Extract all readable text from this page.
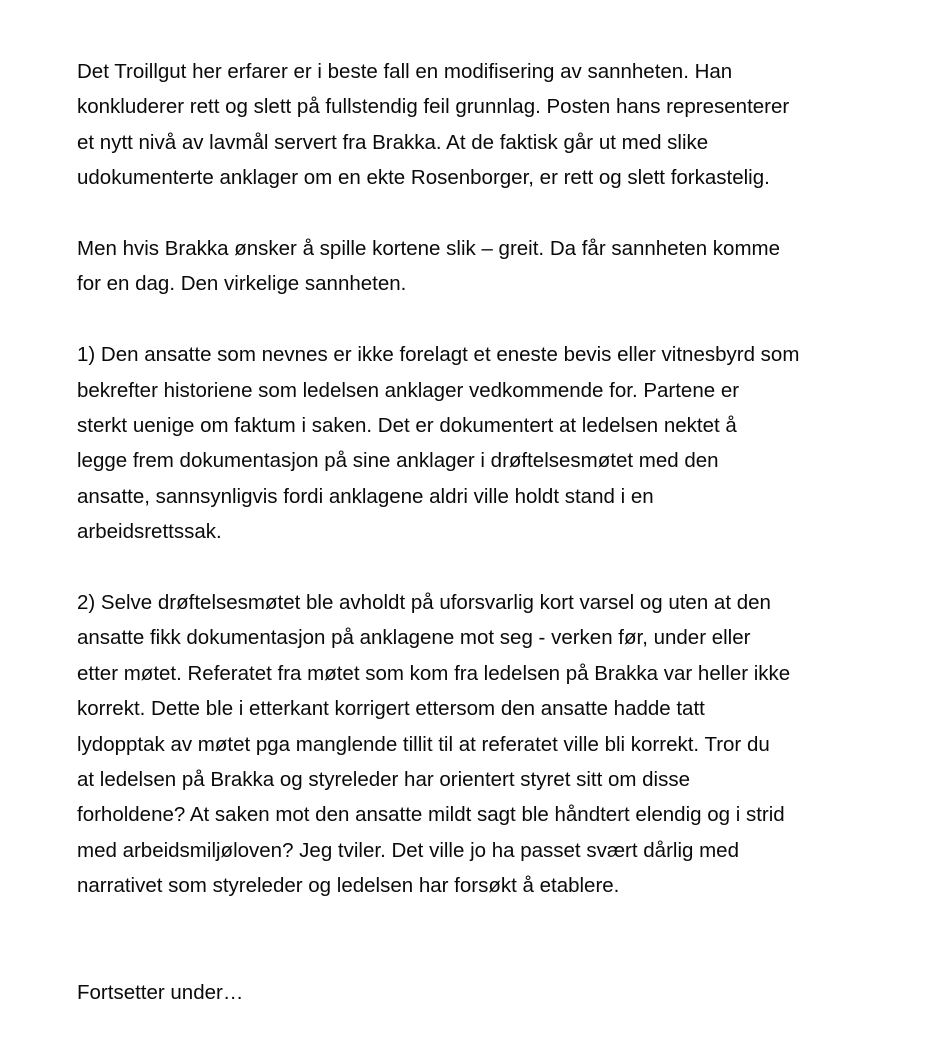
Det Troillgut her erfarer er i beste fall en modifisering av sannheten. Han
konkluderer rett og slett på fullstendig feil grunnlag. Posten hans representerer
et nytt nivå av lavmål servert fra Brakka. At de faktisk går ut med slike
udokumenterte anklager om en ekte Rosenborger, er rett og slett forkastelig.

Men hvis Brakka ønsker å spille kortene slik – greit. Da får sannheten komme
for en dag. Den virkelige sannheten.

1) Den ansatte som nevnes er ikke forelagt et eneste bevis eller vitnesbyrd som
bekrefter historiene som ledelsen anklager vedkommende for. Partene er
sterkt uenige om faktum i saken. Det er dokumentert at ledelsen nektet å
legge frem dokumentasjon på sine anklager i drøftelsesmøtet med den
ansatte, sannsynligvis fordi anklagene aldri ville holdt stand i en
arbeidsrettssak.

2) Selve drøftelsesmøtet ble avholdt på uforsvarlig kort varsel og uten at den
ansatte fikk dokumentasjon på anklagene mot seg - verken før, under eller
etter møtet. Referatet fra møtet som kom fra ledelsen på Brakka var heller ikke
korrekt. Dette ble i etterkant korrigert ettersom den ansatte hadde tatt
lydopptak av møtet pga manglende tillit til at referatet ville bli korrekt. Tror du
at ledelsen på Brakka og styreleder har orientert styret sitt om disse
forholdene? At saken mot den ansatte mildt sagt ble håndtert elendig og i strid
med arbeidsmiljøloven? Jeg tviler. Det ville jo ha passet svært dårlig med
narrativet som styreleder og ledelsen har forsøkt å etablere.

Fortsetter under…
